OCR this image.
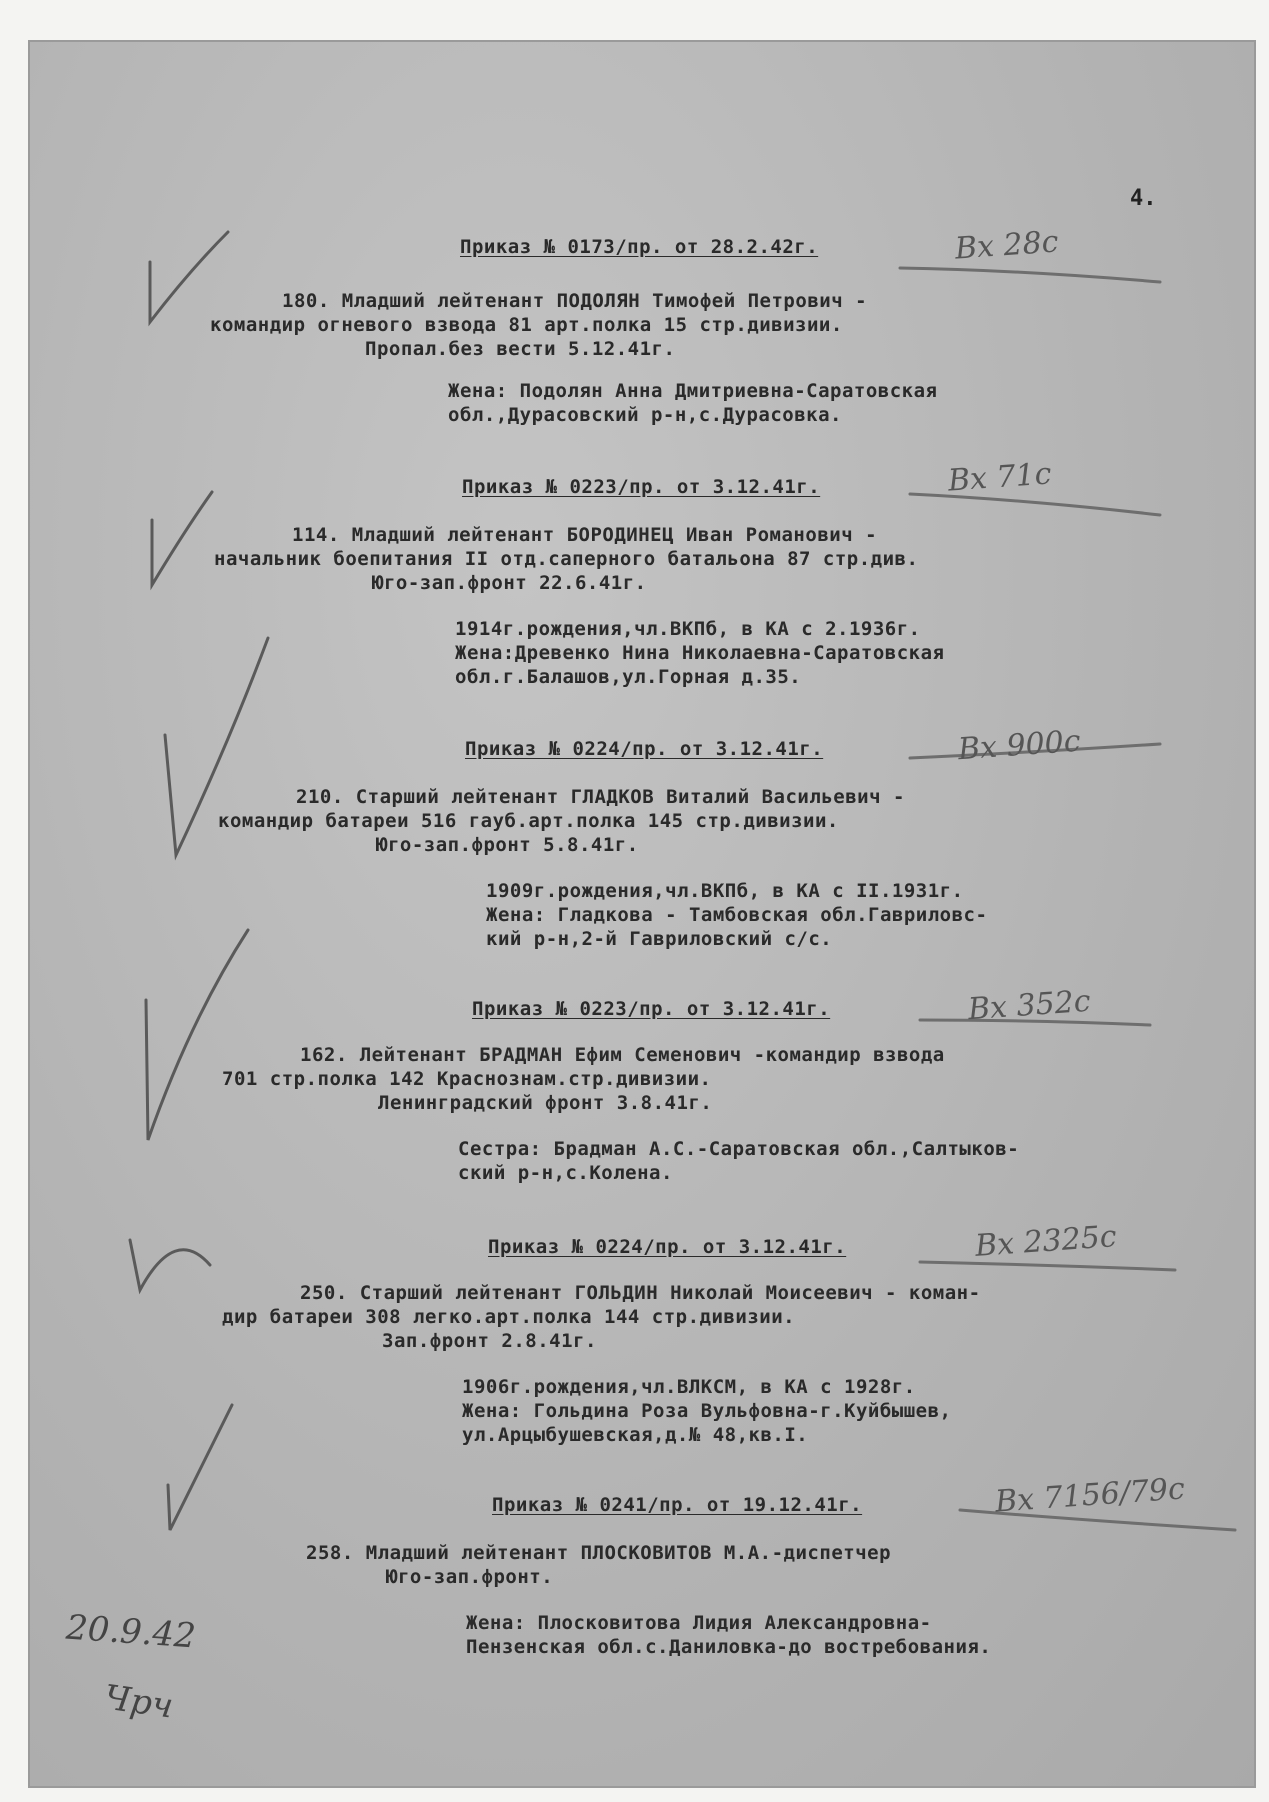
4.
Приказ № 0173/пр. от 28.2.42г.	Вх 28с
180. Младший лейтенант ПОДОЛЯН Тимофей Петрович -
командир огневого взвода 81 арт.полка 15 стр.дивизии.
Пропал.без вести 5.12.41г.
Жена: Подолян Анна Дмитриевна-Саратовская
обл.,Дурасовский р-н,с.Дурасовка.
Приказ № 0223/пр. от 3.12.41г.	Вх 71с
114. Младший лейтенант БОРОДИНЕЦ Иван Романович -
начальник боепитания II отд.саперного батальона 87 стр.див.
Юго-зап.фронт 22.6.41г.
1914г.рождения,чл.ВКПб, в КА с 2.1936г.
Жена:Древенко Нина Николаевна-Саратовская
обл.г.Балашов,ул.Горная д.35.
Приказ № 0224/пр. от 3.12.41г.	Вх 900с
210. Старший лейтенант ГЛАДКОВ Виталий Васильевич -
командир батареи 516 гауб.арт.полка 145 стр.дивизии.
Юго-зап.фронт 5.8.41г.
1909г.рождения,чл.ВКПб, в КА с II.1931г.
Жена: Гладкова - Тамбовская обл.Гавриловс-
кий р-н,2-й Гавриловский с/с.
Приказ № 0223/пр. от 3.12.41г.	Вх 352с
162. Лейтенант БРАДМАН Ефим Семенович -командир взвода
701 стр.полка 142 Краснознам.стр.дивизии.
Ленинградский фронт 3.8.41г.
Сестра: Брадман А.С.-Саратовская обл.,Салтыков-
ский р-н,с.Колена.
Приказ № 0224/пр. от 3.12.41г.	Вх 2325с
250. Старший лейтенант ГОЛЬДИН Николай Моисеевич - коман-
дир батареи 308 легко.арт.полка 144 стр.дивизии.
Зап.фронт 2.8.41г.
1906г.рождения,чл.ВЛКСМ, в КА с 1928г.
Жена: Гольдина Роза Вульфовна-г.Куйбышев,
ул.Арцыбушевская,д.№ 48,кв.I.
Приказ № 0241/пр. от 19.12.41г.	Вх 7156/79с
258. Младший лейтенант ПЛОСКОВИТОВ М.А.-диспетчер
Юго-зап.фронт.
Жена: Плосковитова Лидия Александровна-
Пензенская обл.с.Даниловка-до востребования.
20.9.42
Чрч
